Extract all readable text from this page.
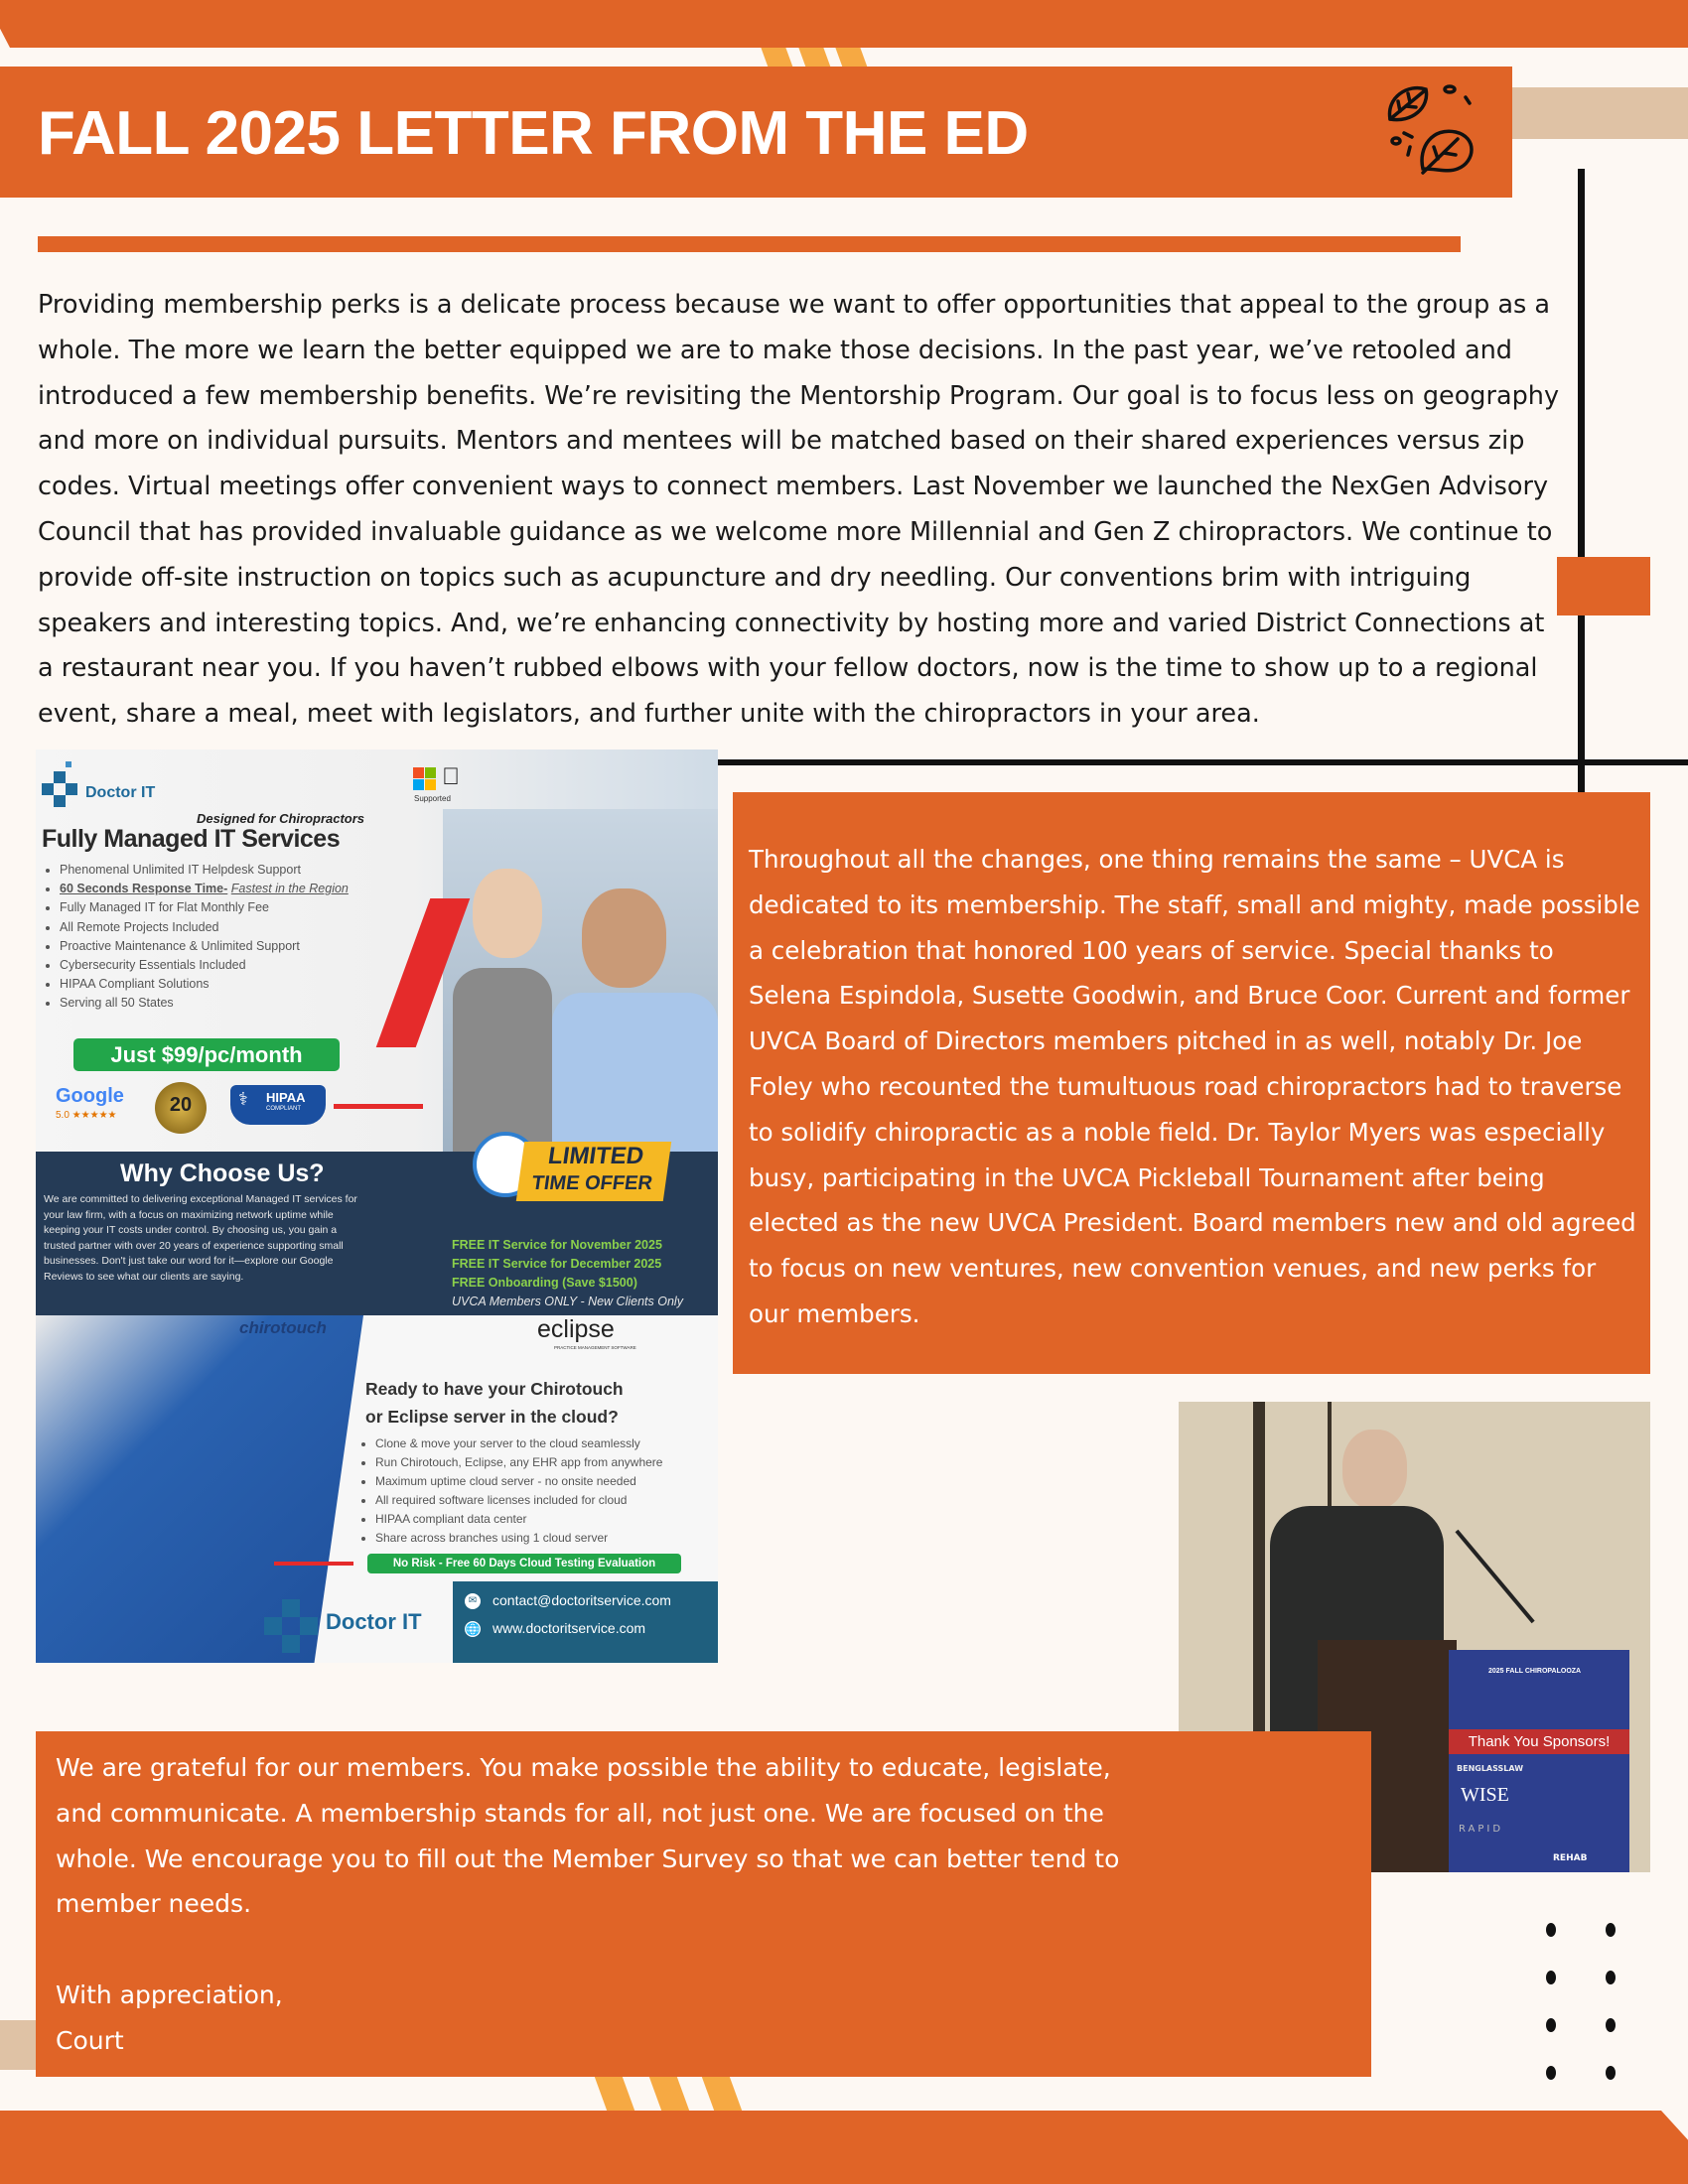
FALL 2025 LETTER FROM THE ED
Providing membership perks is a delicate process because we want to offer opportunities that appeal to the group as a whole. The more we learn the better equipped we are to make those decisions. In the past year, we’ve retooled and introduced a few membership benefits. We’re revisiting the Mentorship Program. Our goal is to focus less on geography and more on individual pursuits. Mentors and mentees will be matched based on their shared experiences versus zip codes. Virtual meetings offer convenient ways to connect members. Last November we launched the NexGen Advisory Council that has provided invaluable guidance as we welcome more Millennial and Gen Z chiropractors. We continue to provide off-site instruction on topics such as acupuncture and dry needling. Our conventions brim with intriguing speakers and interesting topics. And, we’re enhancing connectivity by hosting more and varied District Connections at a restaurant near you. If you haven’t rubbed elbows with your fellow doctors, now is the time to show up to a regional event, share a meal, meet with legislators, and further unite with the chiropractors in your area.
Doctor IT	Supported
Designed for Chiropractors
Fully Managed IT Services
• Phenomenal Unlimited IT Helpdesk Support
• 60 Seconds Response Time- Fastest in the Region
• Fully Managed IT for Flat Monthly Fee
• All Remote Projects Included
• Proactive Maintenance & Unlimited Support
• Cybersecurity Essentials Included
• HIPAA Compliant Solutions
• Serving all 50 States
Just $99/pc/month
Google
5.0 ★★★★★	20	⚕ HIPAA
COMPLIANT
Why Choose Us?
We are committed to delivering exceptional Managed IT services for your law firm, with a focus on maximizing network uptime while keeping your IT costs under control. By choosing us, you gain a trusted partner with over 20 years of experience supporting small businesses. Don't just take our word for it—explore our Google Reviews to see what our clients are saying.
LIMITED
TIME OFFER
FREE IT Service for November 2025
FREE IT Service for December 2025
FREE Onboarding (Save $1500)
UVCA Members ONLY - New Clients Only
chirotouch	eclipse
PRACTICE MANAGEMENT SOFTWARE
Ready to have your Chirotouch
or Eclipse server in the cloud?
• Clone & move your server to the cloud seamlessly
• Run Chirotouch, Eclipse, any EHR app from anywhere
• Maximum uptime cloud server - no onsite needed
• All required software licenses included for cloud
• HIPAA compliant data center
• Share across branches using 1 cloud server
No Risk - Free 60 Days Cloud Testing Evaluation
Doctor IT
✉ contact@doctoritservice.com
🌐 www.doctoritservice.com
Throughout all the changes, one thing remains the same – UVCA is dedicated to its membership. The staff, small and mighty, made possible a celebration that honored 100 years of service. Special thanks to Selena Espindola, Susette Goodwin, and Bruce Coor. Current and former UVCA Board of Directors members pitched in as well, notably Dr. Joe Foley who recounted the tumultuous road chiropractors had to traverse to solidify chiropractic as a noble field. Dr. Taylor Myers was especially busy, participating in the UVCA Pickleball Tournament after being elected as the new UVCA President. Board members new and old agreed to focus on new ventures, new convention venues, and new perks for our members.
2025 FALL CHIROPALOOZA
Thank You Sponsors!
BENGLASSLAW
WISE
RAPID
REHAB
We are grateful for our members. You make possible the ability to educate, legislate, and communicate. A membership stands for all, not just one. We are focused on the whole. We encourage you to fill out the Member Survey so that we can better tend to member needs.
With appreciation,
Court
